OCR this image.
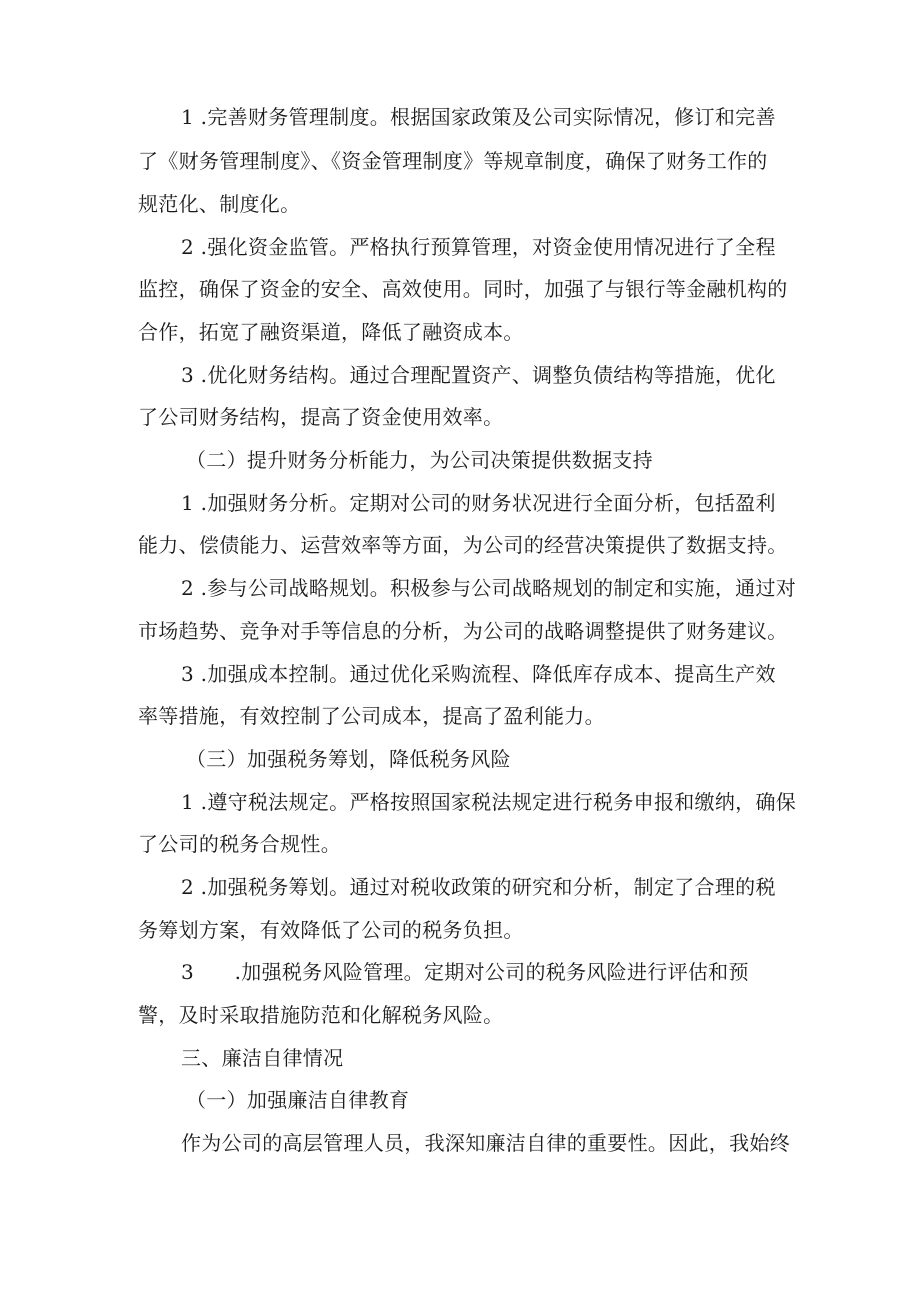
1 .完善财务管理制度。根据国家政策及公司实际情况，修订和完善
了《财务管理制度》、《资金管理制度》等规章制度，确保了财务工作的
规范化、制度化。
2 .强化资金监管。严格执行预算管理，对资金使用情况进行了全程
监控，确保了资金的安全、高效使用。同时，加强了与银行等金融机构的
合作，拓宽了融资渠道，降低了融资成本。
3 .优化财务结构。通过合理配置资产、调整负债结构等措施，优化
了公司财务结构，提高了资金使用效率。
（二）提升财务分析能力，为公司决策提供数据支持
1 .加强财务分析。定期对公司的财务状况进行全面分析，包括盈利
能力、偿债能力、运营效率等方面，为公司的经营决策提供了数据支持。
2 .参与公司战略规划。积极参与公司战略规划的制定和实施，通过对
市场趋势、竞争对手等信息的分析，为公司的战略调整提供了财务建议。
3 .加强成本控制。通过优化采购流程、降低库存成本、提高生产效
率等措施，有效控制了公司成本，提高了盈利能力。
（三）加强税务筹划，降低税务风险
1 .遵守税法规定。严格按照国家税法规定进行税务申报和缴纳，确保
了公司的税务合规性。
2 .加强税务筹划。通过对税收政策的研究和分析，制定了合理的税
务筹划方案，有效降低了公司的税务负担。
3　　.加强税务风险管理。定期对公司的税务风险进行评估和预
警，及时采取措施防范和化解税务风险。
三、廉洁自律情况
（一）加强廉洁自律教育
作为公司的高层管理人员，我深知廉洁自律的重要性。因此，我始终
